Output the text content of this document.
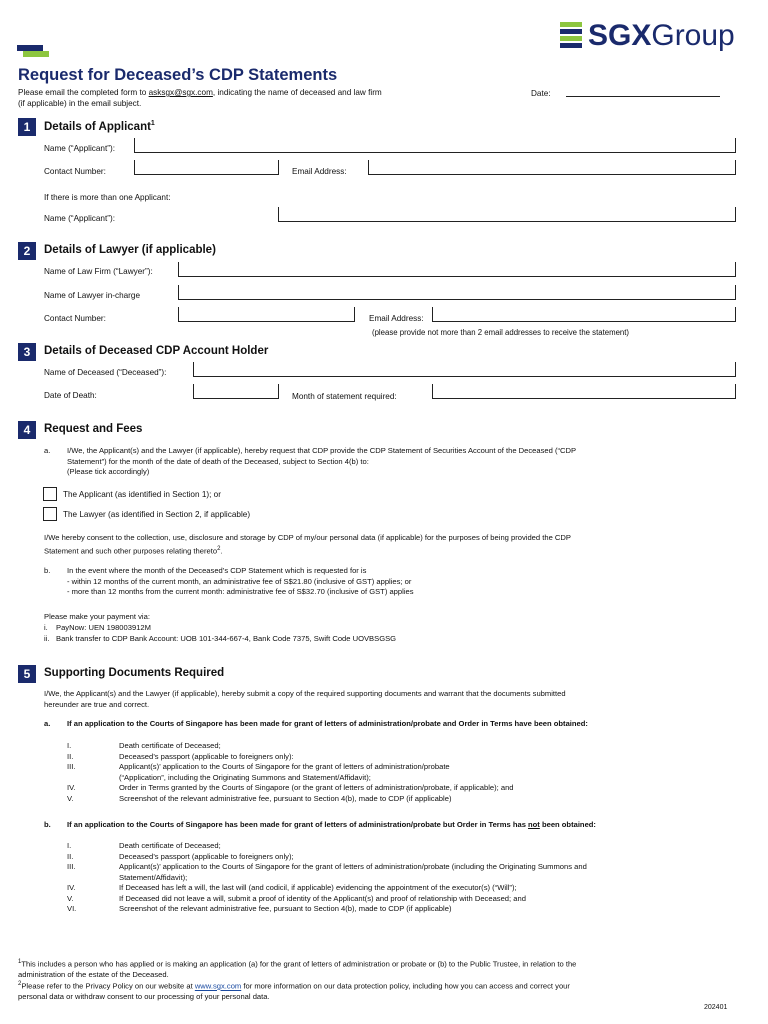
SGXGroup
Request for Deceased’s CDP Statements
Please email the completed form to asksgx@sgx.com, indicating the name of deceased and law firm
(if applicable) in the email subject.
Date:
1	Details of Applicant$^1$
Name (“Applicant”):
Contact Number:	Email Address:
If there is more than one Applicant:
Name (“Applicant”):
2	Details of Lawyer (if applicable)
Name of Law Firm (“Lawyer”):
Name of Lawyer in-charge
Contact Number:	Email Address:
(please provide not more than 2 email addresses to receive the statement)
3	Details of Deceased CDP Account Holder
Name of Deceased (“Deceased”):
Date of Death:	Month of statement required:
4	Request and Fees
a. I/We, the Applicant(s) and the Lawyer (if applicable), hereby request that CDP provide the CDP Statement of Securities Account of the Deceased (“CDP
Statement”) for the month of the date of death of the Deceased, subject to Section 4(b) to:
(Please tick accordingly)
The Applicant (as identified in Section 1); or
The Lawyer (as identified in Section 2, if applicable)
I/We hereby consent to the collection, use, disclosure and storage by CDP of my/our personal data (if applicable) for the purposes of being provided the CDP
Statement and such other purposes relating thereto$^2$.
b. In the event where the month of the Deceased’s CDP Statement which is requested for is
- within 12 months of the current month, an administrative fee of S$21.80 (inclusive of GST) applies; or
- more than 12 months from the current month: administrative fee of S$32.70 (inclusive of GST) applies
Please make your payment via:
i. PayNow: UEN 198003912M
ii. Bank transfer to CDP Bank Account: UOB 101-344-667-4, Bank Code 7375, Swift Code UOVBSGSG
5	Supporting Documents Required
I/We, the Applicant(s) and the Lawyer (if applicable), hereby submit a copy of the required supporting documents and warrant that the documents submitted
hereunder are true and correct.
a. If an application to the Courts of Singapore has been made for grant of letters of administration/probate and Order in Terms have been obtained:
I.	Death certificate of Deceased;
II.	Deceased’s passport (applicable to foreigners only):
III.	Applicant(s)’ application to the Courts of Singapore for the grant of letters of administration/probate
(“Application”, including the Originating Summons and Statement/Affidavit);
IV.	Order in Terms granted by the Courts of Singapore (or the grant of letters of administration/probate, if applicable); and
V.	Screenshot of the relevant administrative fee, pursuant to Section 4(b), made to CDP (if applicable)
b. If an application to the Courts of Singapore has been made for grant of letters of administration/probate but Order in Terms has not been obtained:
I.	Death certificate of Deceased;
II.	Deceased’s passport (applicable to foreigners only);
III.	Applicant(s)’ application to the Courts of Singapore for the grant of letters of administration/probate (including the Originating Summons and
Statement/Affidavit);
IV.	If Deceased has left a will, the last will (and codicil, if applicable) evidencing the appointment of the executor(s) (“Will”);
V.	If Deceased did not leave a will, submit a proof of identity of the Applicant(s) and proof of relationship with Deceased; and
VI.	Screenshot of the relevant administrative fee, pursuant to Section 4(b), made to CDP (if applicable)
$^1$This includes a person who has applied or is making an application (a) for the grant of letters of administration or probate or (b) to the Public Trustee, in relation to the
administration of the estate of the Deceased.
$^2$Please refer to the Privacy Policy on our website at www.sgx.com for more information on our data protection policy, including how you can access and correct your
personal data or withdraw consent to our processing of your personal data.
202401
